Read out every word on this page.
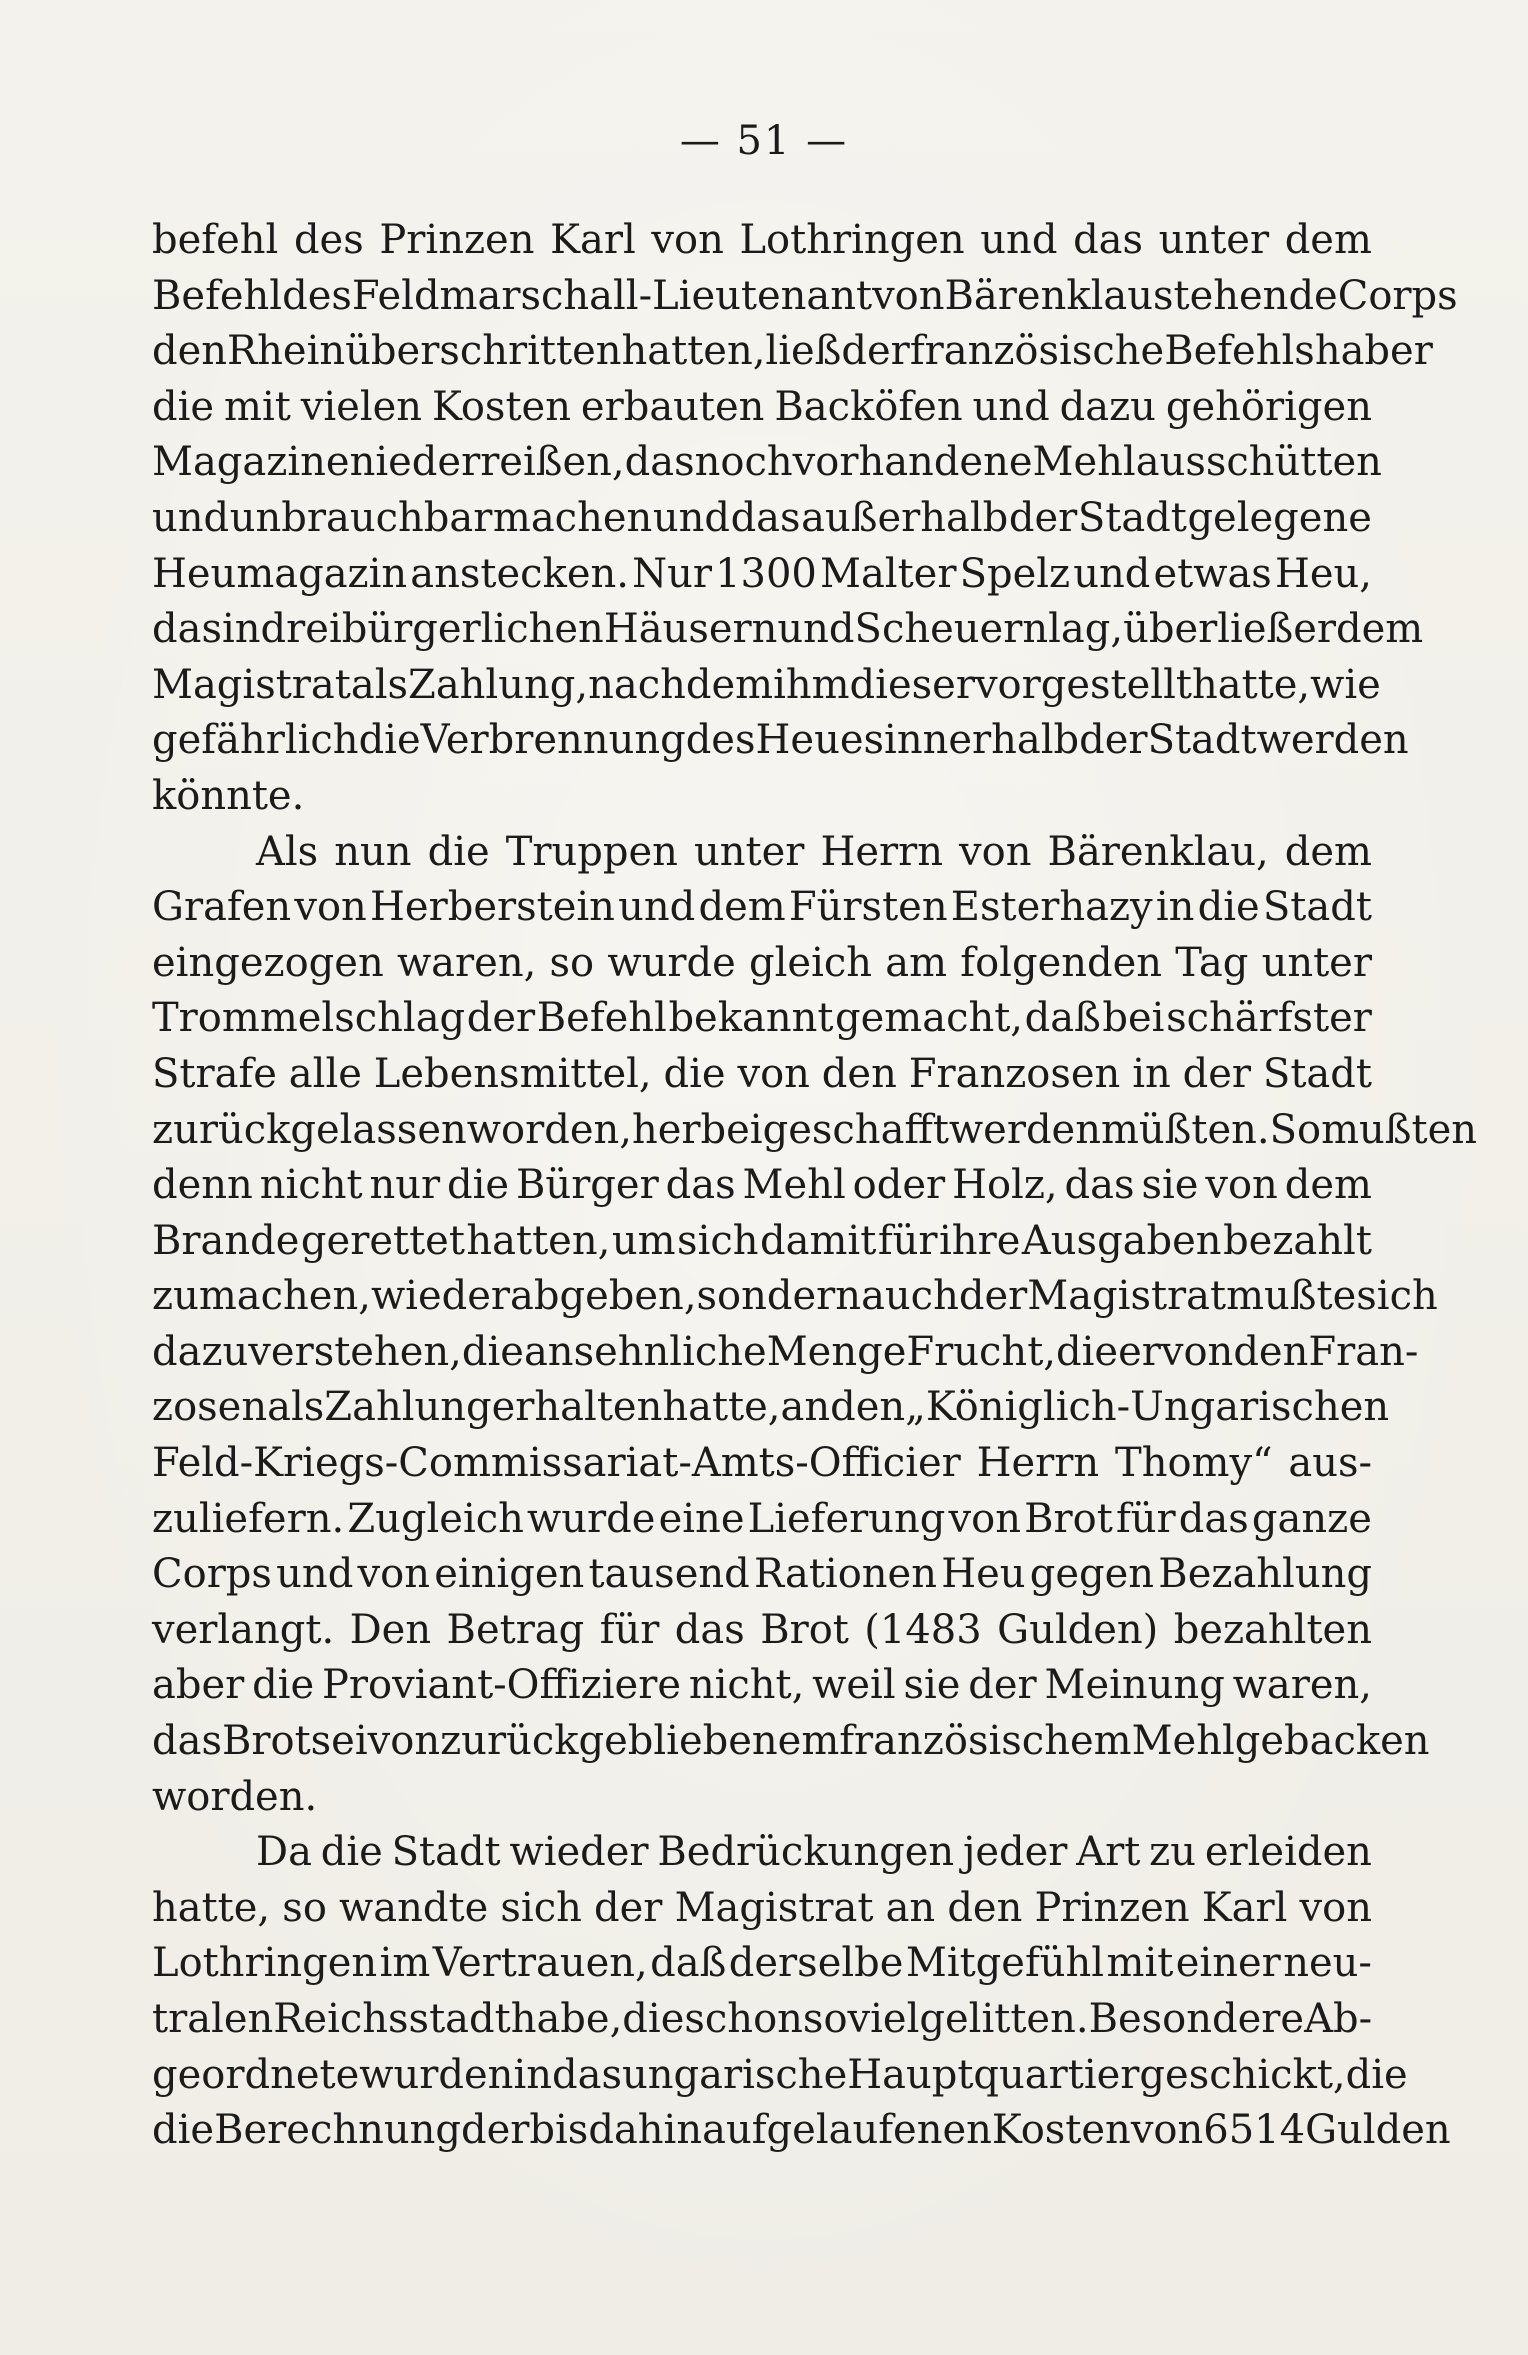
— 51 —
befehl des Prinzen Karl von Lothringen und das unter dem
Befehl des Feldmarschall-Lieutenant von Bärenklau stehende Corps
den Rhein überschritten hatten, ließ der französische Befehlshaber
die mit vielen Kosten erbauten Backöfen und dazu gehörigen
Magazine niederreißen, das noch vorhandene Mehl ausschütten
und unbrauchbar machen und das außerhalb der Stadt gelegene
Heumagazin anstecken. Nur 1300 Malter Spelz und etwas Heu,
das in drei bürgerlichen Häusern und Scheuern lag, überließ er dem
Magistrat als Zahlung, nachdem ihm dieser vorgestellt hatte, wie
gefährlich die Verbrennung des Heues innerhalb der Stadt werden
könnte.
Als nun die Truppen unter Herrn von Bärenklau, dem
Grafen von Herberstein und dem Fürsten Esterhazy in die Stadt
eingezogen waren, so wurde gleich am folgenden Tag unter
Trommelschlag der Befehl bekannt gemacht, daß bei schärfster
Strafe alle Lebensmittel, die von den Franzosen in der Stadt
zurückgelassen worden, herbeigeschafft werden müßten. So mußten
denn nicht nur die Bürger das Mehl oder Holz, das sie von dem
Brande gerettet hatten, um sich damit für ihre Ausgaben bezahlt
zu machen, wieder abgeben, sondern auch der Magistrat mußte sich
dazu verstehen, die ansehnliche Menge Frucht, die er von den Fran-
zosen als Zahlung erhalten hatte, an den „Königlich-Ungarischen
Feld-Kriegs-Commissariat-Amts-Officier Herrn Thomy“ aus-
zuliefern. Zugleich wurde eine Lieferung von Brot für das ganze
Corps und von einigen tausend Rationen Heu gegen Bezahlung
verlangt. Den Betrag für das Brot (1483 Gulden) bezahlten
aber die Proviant-Offiziere nicht, weil sie der Meinung waren,
das Brot sei von zurückgebliebenem französischem Mehl gebacken
worden.
Da die Stadt wieder Bedrückungen jeder Art zu erleiden
hatte, so wandte sich der Magistrat an den Prinzen Karl von
Lothringen im Vertrauen, daß derselbe Mitgefühl mit einer neu-
tralen Reichsstadt habe, die schon so viel gelitten. Besondere Ab-
geordnete wurden in das ungarische Hauptquartier geschickt, die
die Berechnung der bis dahin aufgelaufenen Kosten von 6514 Gulden
